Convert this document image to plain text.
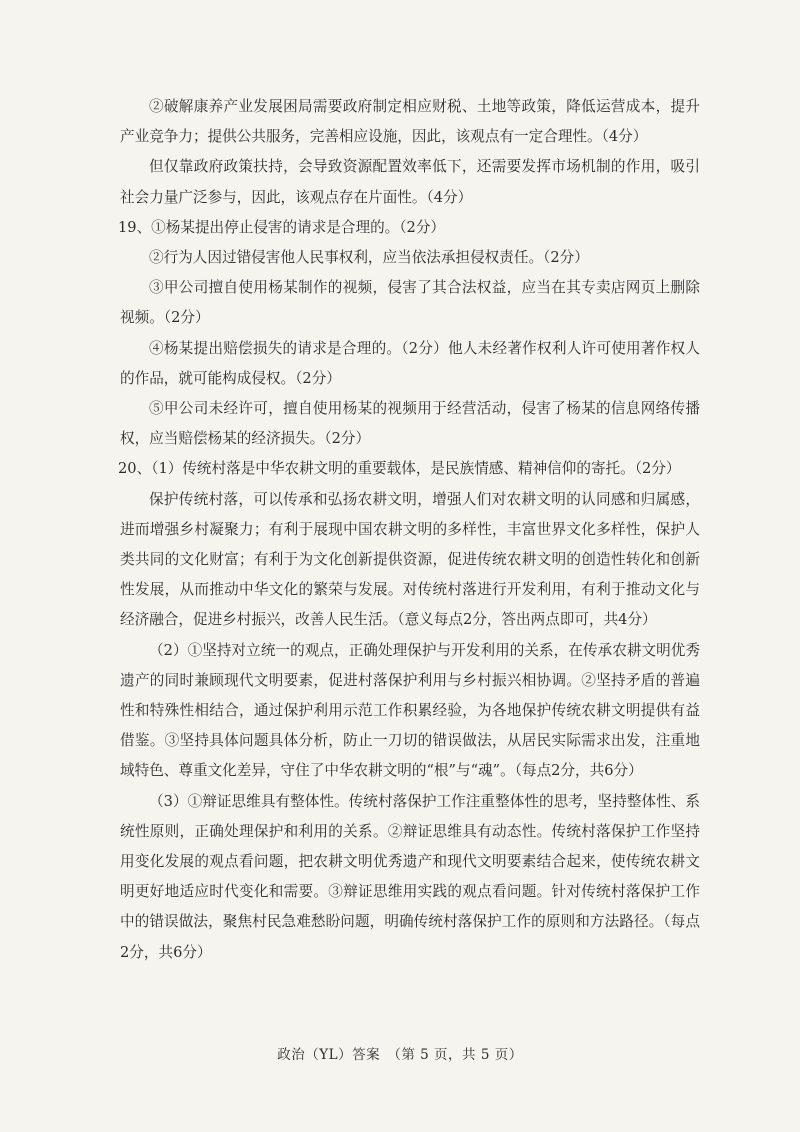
②破解康养产业发展困局需要政府制定相应财税、土地等政策，降低运营成本，提升产业竞争力；提供公共服务，完善相应设施，因此，该观点有一定合理性。（4分）

但仅靠政府政策扶持，会导致资源配置效率低下，还需要发挥市场机制的作用，吸引社会力量广泛参与，因此，该观点存在片面性。（4分）

19、①杨某提出停止侵害的请求是合理的。（2分）

②行为人因过错侵害他人民事权利，应当依法承担侵权责任。（2分）

③甲公司擅自使用杨某制作的视频，侵害了其合法权益，应当在其专卖店网页上删除视频。（2分）

④杨某提出赔偿损失的请求是合理的。（2分）他人未经著作权利人许可使用著作权人的作品，就可能构成侵权。（2分）

⑤甲公司未经许可，擅自使用杨某的视频用于经营活动，侵害了杨某的信息网络传播权，应当赔偿杨某的经济损失。（2分）

20、（1）传统村落是中华农耕文明的重要载体，是民族情感、精神信仰的寄托。（2分）

保护传统村落，可以传承和弘扬农耕文明，增强人们对农耕文明的认同感和归属感，进而增强乡村凝聚力；有利于展现中国农耕文明的多样性，丰富世界文化多样性，保护人类共同的文化财富；有利于为文化创新提供资源，促进传统农耕文明的创造性转化和创新性发展，从而推动中华文化的繁荣与发展。对传统村落进行开发利用，有利于推动文化与经济融合，促进乡村振兴，改善人民生活。（意义每点2分，答出两点即可，共4分）

（2）①坚持对立统一的观点，正确处理保护与开发利用的关系，在传承农耕文明优秀遗产的同时兼顾现代文明要素，促进村落保护利用与乡村振兴相协调。②坚持矛盾的普遍性和特殊性相结合，通过保护利用示范工作积累经验，为各地保护传统农耕文明提供有益借鉴。③坚持具体问题具体分析，防止一刀切的错误做法，从居民实际需求出发，注重地域特色、尊重文化差异，守住了中华农耕文明的“根”与“魂”。（每点2分，共6分）

（3）①辩证思维具有整体性。传统村落保护工作注重整体性的思考，坚持整体性、系统性原则，正确处理保护和利用的关系。②辩证思维具有动态性。传统村落保护工作坚持用变化发展的观点看问题，把农耕文明优秀遗产和现代文明要素结合起来，使传统农耕文明更好地适应时代变化和需要。③辩证思维用实践的观点看问题。针对传统村落保护工作中的错误做法，聚焦村民急难愁盼问题，明确传统村落保护工作的原则和方法路径。（每点2分，共6分）

政治（YL）答案　（第 5 页，共 5 页）
